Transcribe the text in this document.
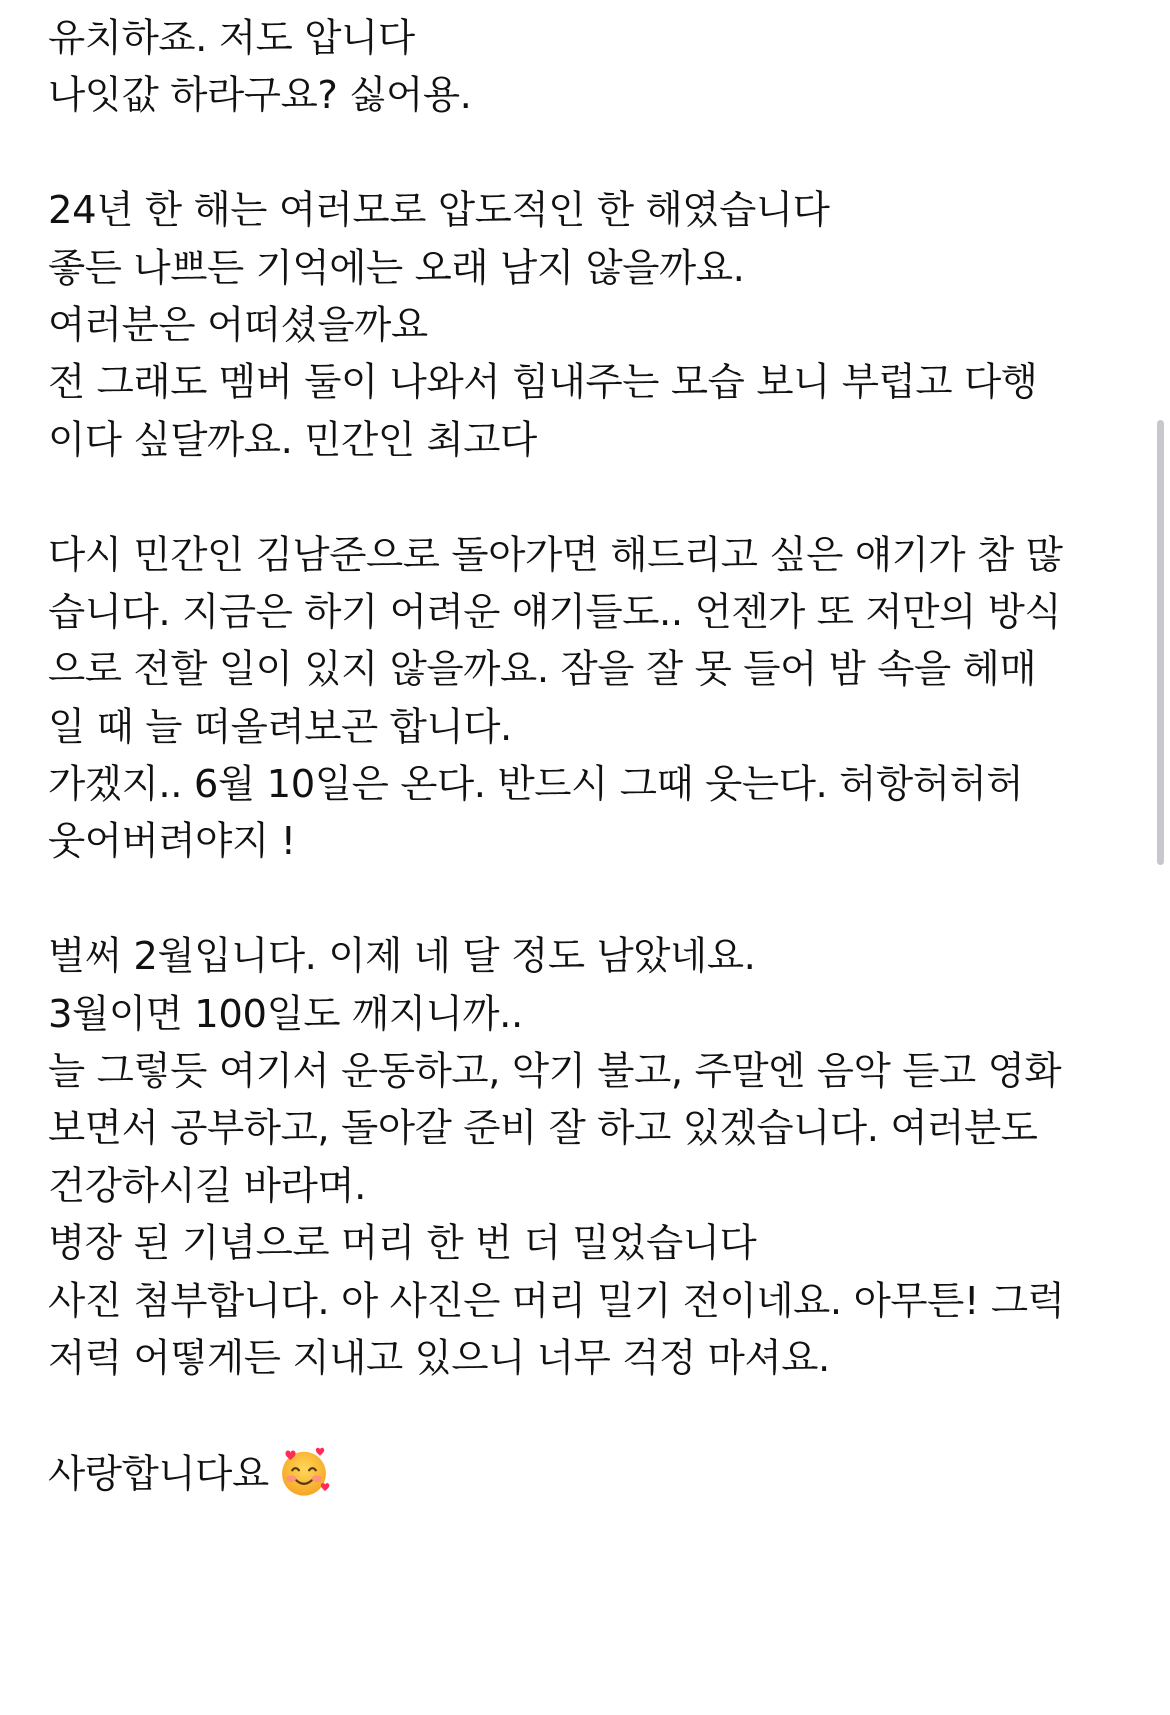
유치하죠. 저도 압니다
나잇값 하라구요? 싫어용.
24년 한 해는 여러모로 압도적인 한 해였습니다
좋든 나쁘든 기억에는 오래 남지 않을까요.
여러분은 어떠셨을까요
전 그래도 멤버 둘이 나와서 힘내주는 모습 보니 부럽고 다행
이다 싶달까요. 민간인 최고다
다시 민간인 김남준으로 돌아가면 해드리고 싶은 얘기가 참 많
습니다. 지금은 하기 어려운 얘기들도.. 언젠가 또 저만의 방식
으로 전할 일이 있지 않을까요. 잠을 잘 못 들어 밤 속을 헤매
일 때 늘 떠올려보곤 합니다.
가겠지.. 6월 10일은 온다. 반드시 그때 웃는다. 허항허허허
웃어버려야지 !
벌써 2월입니다. 이제 네 달 정도 남았네요.
3월이면 100일도 깨지니까..
늘 그렇듯 여기서 운동하고, 악기 불고, 주말엔 음악 듣고 영화
보면서 공부하고, 돌아갈 준비 잘 하고 있겠습니다. 여러분도
건강하시길 바라며.
병장 된 기념으로 머리 한 번 더 밀었습니다
사진 첨부합니다. 아 사진은 머리 밀기 전이네요. 아무튼! 그럭
저럭 어떻게든 지내고 있으니 너무 걱정 마셔요.
사랑합니다요
